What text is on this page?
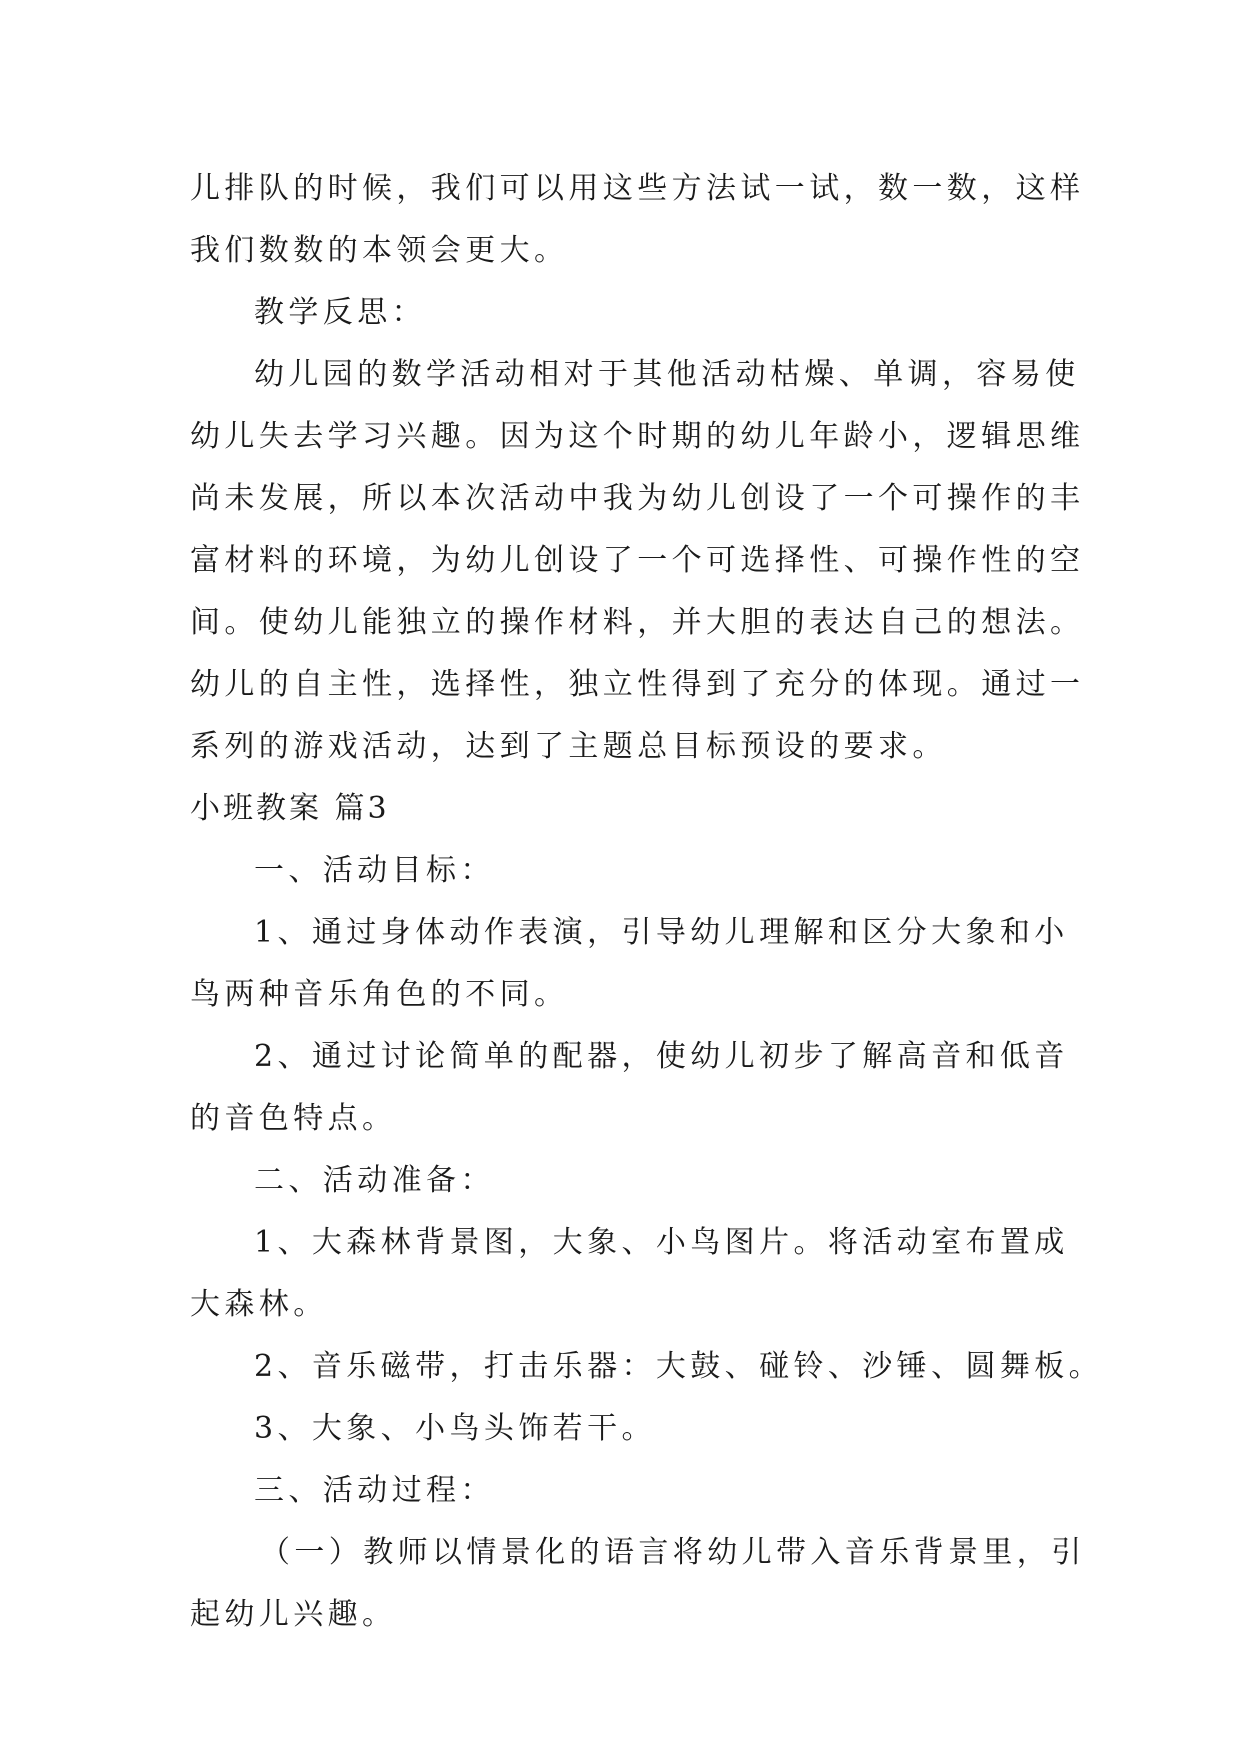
儿排队的时候，我们可以用这些方法试一试，数一数，这样
我们数数的本领会更大。
教学反思：
幼儿园的数学活动相对于其他活动枯燥、单调，容易使
幼儿失去学习兴趣。因为这个时期的幼儿年龄小，逻辑思维
尚未发展，所以本次活动中我为幼儿创设了一个可操作的丰
富材料的环境，为幼儿创设了一个可选择性、可操作性的空
间。使幼儿能独立的操作材料，并大胆的表达自己的想法。
幼儿的自主性，选择性，独立性得到了充分的体现。通过一
系列的游戏活动，达到了主题总目标预设的要求。
小班教案 篇3
一、活动目标：
1、通过身体动作表演，引导幼儿理解和区分大象和小
鸟两种音乐角色的不同。
2、通过讨论简单的配器，使幼儿初步了解高音和低音
的音色特点。
二、活动准备：
1、大森林背景图，大象、小鸟图片。将活动室布置成
大森林。
2、音乐磁带，打击乐器：大鼓、碰铃、沙锤、圆舞板。
3、大象、小鸟头饰若干。
三、活动过程：
（一）教师以情景化的语言将幼儿带入音乐背景里，引
起幼儿兴趣。
